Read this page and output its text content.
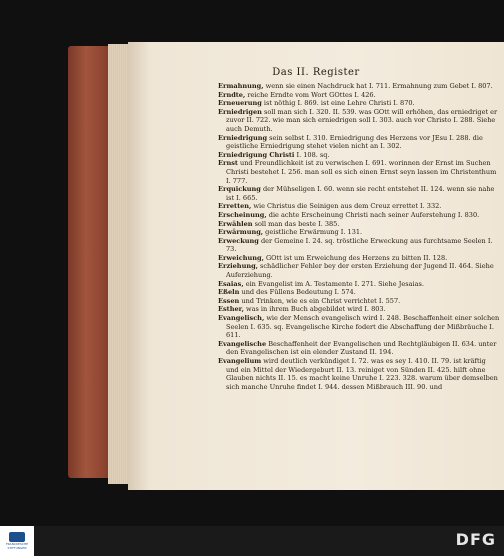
Das II. Register

Ermahnung, wenn sie einen Nachdruck hat I. 711. Ermahnung zum Gebet I. 807.

Erndte, reiche Erndte vom Wort GOttes I. 426.

Erneuerung ist nöthig I. 869. ist eine Lehre Christi I. 870.

Erniedrigen soll man sich I. 320. II. 539. was GOtt will erhöhen, das erniedriget er zuvor II. 722. wie man sich erniedrigen soll I. 303. auch vor Christo I. 288. Siehe auch Demuth.

Erniedrigung sein selbst I. 310. Erniedrigung des Herzens vor JEsu I. 288. die geistliche Erniedrigung stehet vielen nicht an I. 302.

Erniedrigung Christi I. 108. sq.

Ernst und Freundlichkeit ist zu verwischen I. 691. worinnen der Ernst im Suchen Christi bestehet I. 256. man soll es sich einen Ernst seyn lassen im Christenthum I. 777.

Erquickung der Mühseligen I. 60. wenn sie recht entstehet II. 124. wenn sie nahe ist I. 665.

Erretten, wie Christus die Seinigen aus dem Creuz errettet I. 332.

Erscheinung, die achte Erscheinung Christi nach seiner Auferstehung I. 830.

Erwählen soll man das beste I. 385.

Erwärmung, geistliche Erwärmung I. 131.

Erweckung der Gemeine I. 24. sq. tröstliche Erweckung aus furchtsame Seelen I. 73.

Erweichung, GOtt ist um Erweichung des Herzens zu bitten II. 128.

Erziehung, schädlicher Fehler bey der ersten Erziehung der Jugend II. 464. Siehe Auferziehung.

Esaias, ein Evangelist im A. Testamente I. 271. Siehe Jesaias.

Eßeln und des Füllens Bedeutung I. 574.

Essen und Trinken, wie es ein Christ verrichtet I. 557.

Esther, was in ihrem Buch abgebildet wird I. 803.

Evangelisch, wie der Mensch evangelisch wird I. 248. Beschaffenheit einer solchen Seelen I. 635. sq. Evangelische Kirche fodert die Abschaffung der Mißbräuche I. 611.

Evangelische Beschaffenheit der Evangelischen und Rechtgläubigen II. 634. unter den Evangelischen ist ein elender Zustand II. 194.

Evangelium wird deutlich verkündiget I. 72. was es sey I. 410. II. 79. ist kräftig und ein Mittel der Wiedergeburt II. 13. reiniget von Sünden II. 425. hilft ohne Glauben nichts II. 15. es macht keine Unruhe I. 223. 328. warum über demselben sich manche Unruhe findet I. 944. dessen Mißbrauch III. 90. und

FRANCKESCHE STIFTUNGEN	DFG
